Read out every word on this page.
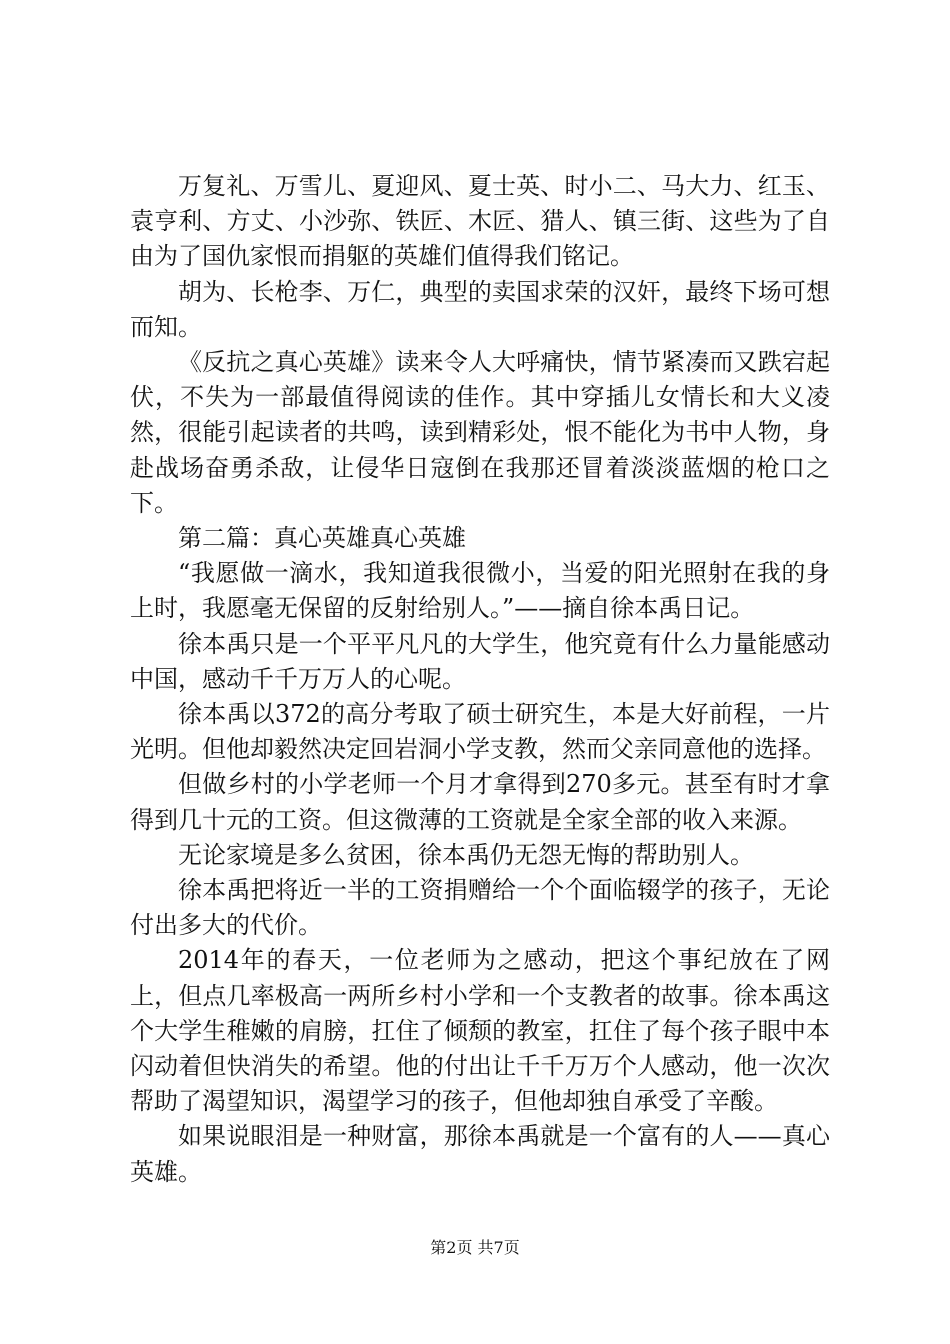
万复礼、万雪儿、夏迎风、夏士英、时小二、马大力、红玉、袁亨利、方丈、小沙弥、铁匠、木匠、猎人、镇三街、这些为了自由为了国仇家恨而捐躯的英雄们值得我们铭记。

胡为、长枪李、万仁，典型的卖国求荣的汉奸，最终下场可想而知。

《反抗之真心英雄》读来令人大呼痛快，情节紧凑而又跌宕起伏，不失为一部最值得阅读的佳作。其中穿插儿女情长和大义凌然，很能引起读者的共鸣，读到精彩处，恨不能化为书中人物，身赴战场奋勇杀敌，让侵华日寇倒在我那还冒着淡淡蓝烟的枪口之下。

第二篇：真心英雄真心英雄

“我愿做一滴水，我知道我很微小，当爱的阳光照射在我的身上时，我愿毫无保留的反射给别人。”——摘自徐本禹日记。

徐本禹只是一个平平凡凡的大学生，他究竟有什么力量能感动中国，感动千千万万人的心呢。

徐本禹以372的高分考取了硕士研究生，本是大好前程，一片光明。但他却毅然决定回岩洞小学支教，然而父亲同意他的选择。

但做乡村的小学老师一个月才拿得到270多元。甚至有时才拿得到几十元的工资。但这微薄的工资就是全家全部的收入来源。

无论家境是多么贫困，徐本禹仍无怨无悔的帮助别人。

徐本禹把将近一半的工资捐赠给一个个面临辍学的孩子，无论付出多大的代价。

2014年的春天，一位老师为之感动，把这个事纪放在了网上，但点几率极高一两所乡村小学和一个支教者的故事。徐本禹这个大学生稚嫩的肩膀，扛住了倾颓的教室，扛住了每个孩子眼中本闪动着但快消失的希望。他的付出让千千万万个人感动，他一次次帮助了渴望知识，渴望学习的孩子，但他却独自承受了辛酸。

如果说眼泪是一种财富，那徐本禹就是一个富有的人——真心英雄。

第2页 共7页
